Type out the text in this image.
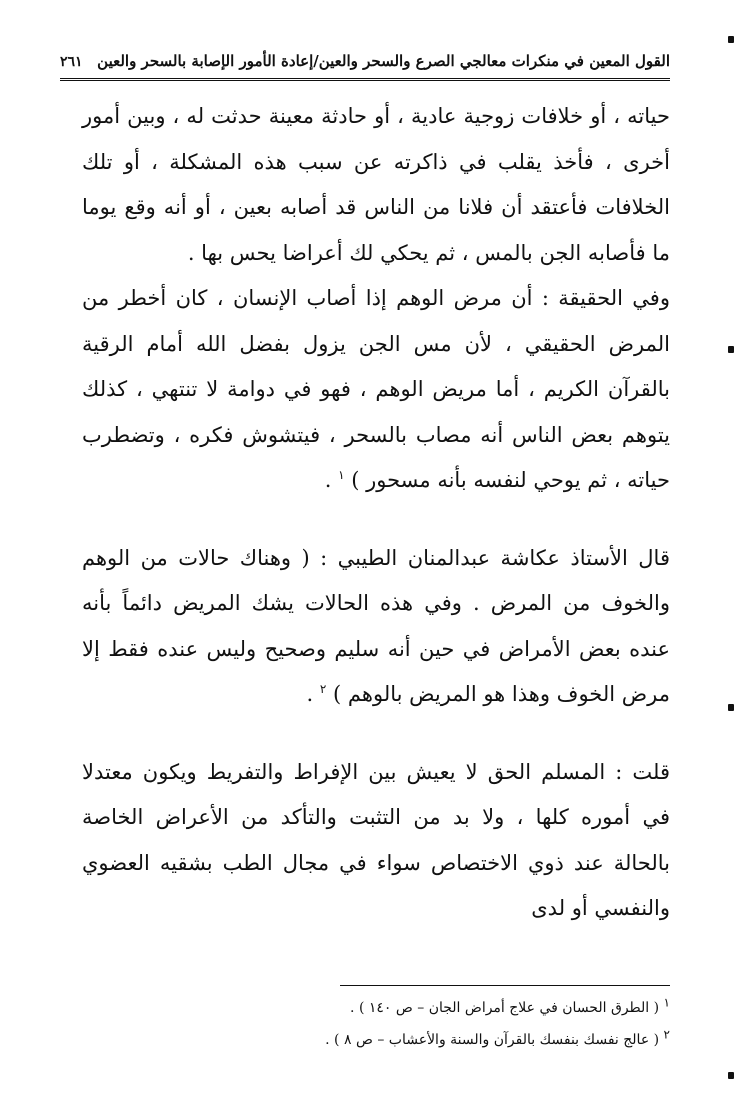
القول المعين في منكرات معالجي الصرع والسحر والعين/إعادة الأمور الإصابة بالسحر والعين
٢٦١

حياته ، أو خلافات زوجية عادية ، أو حادثة معينة حدثت له ، وبين أمور أخرى ، فأخذ يقلب في ذاكرته عن سبب هذه المشكلة ، أو تلك الخلافات فأعتقد أن فلانا من الناس قد أصابه بعين ، أو أنه وقع يوما ما فأصابه الجن بالمس ، ثم يحكي لك أعراضا يحس بها .

وفي الحقيقة : أن مرض الوهم إذا أصاب الإنسان ، كان أخطر من المرض الحقيقي ، لأن مس الجن يزول بفضل الله أمام الرقية بالقرآن الكريم ، أما مريض الوهم ، فهو في دوامة لا تنتهي ، كذلك يتوهم بعض الناس أنه مصاب بالسحر ، فيتشوش فكره ، وتضطرب حياته ، ثم يوحي لنفسه بأنه مسحور ) $^١$ .

قال الأستاذ عكاشة عبدالمنان الطيبي : ( وهناك حالات من الوهم والخوف من المرض . وفي هذه الحالات يشك المريض دائماً بأنه عنده بعض الأمراض في حين أنه سليم وصحيح وليس عنده فقط إلا مرض الخوف وهذا هو المريض بالوهم ) $^٢$ .

قلت : المسلم الحق لا يعيش بين الإفراط والتفريط ويكون معتدلا في أموره كلها ، ولا بد من التثبت والتأكد من الأعراض الخاصة بالحالة عند ذوي الاختصاص سواء في مجال الطب بشقيه العضوي والنفسي أو لدى

$^١$ ( الطرق الحسان في علاج أمراض الجان – ص ١٤٠ ) .

$^٢$ ( عالج نفسك بنفسك بالقرآن والسنة والأعشاب – ص ٨ ) .
